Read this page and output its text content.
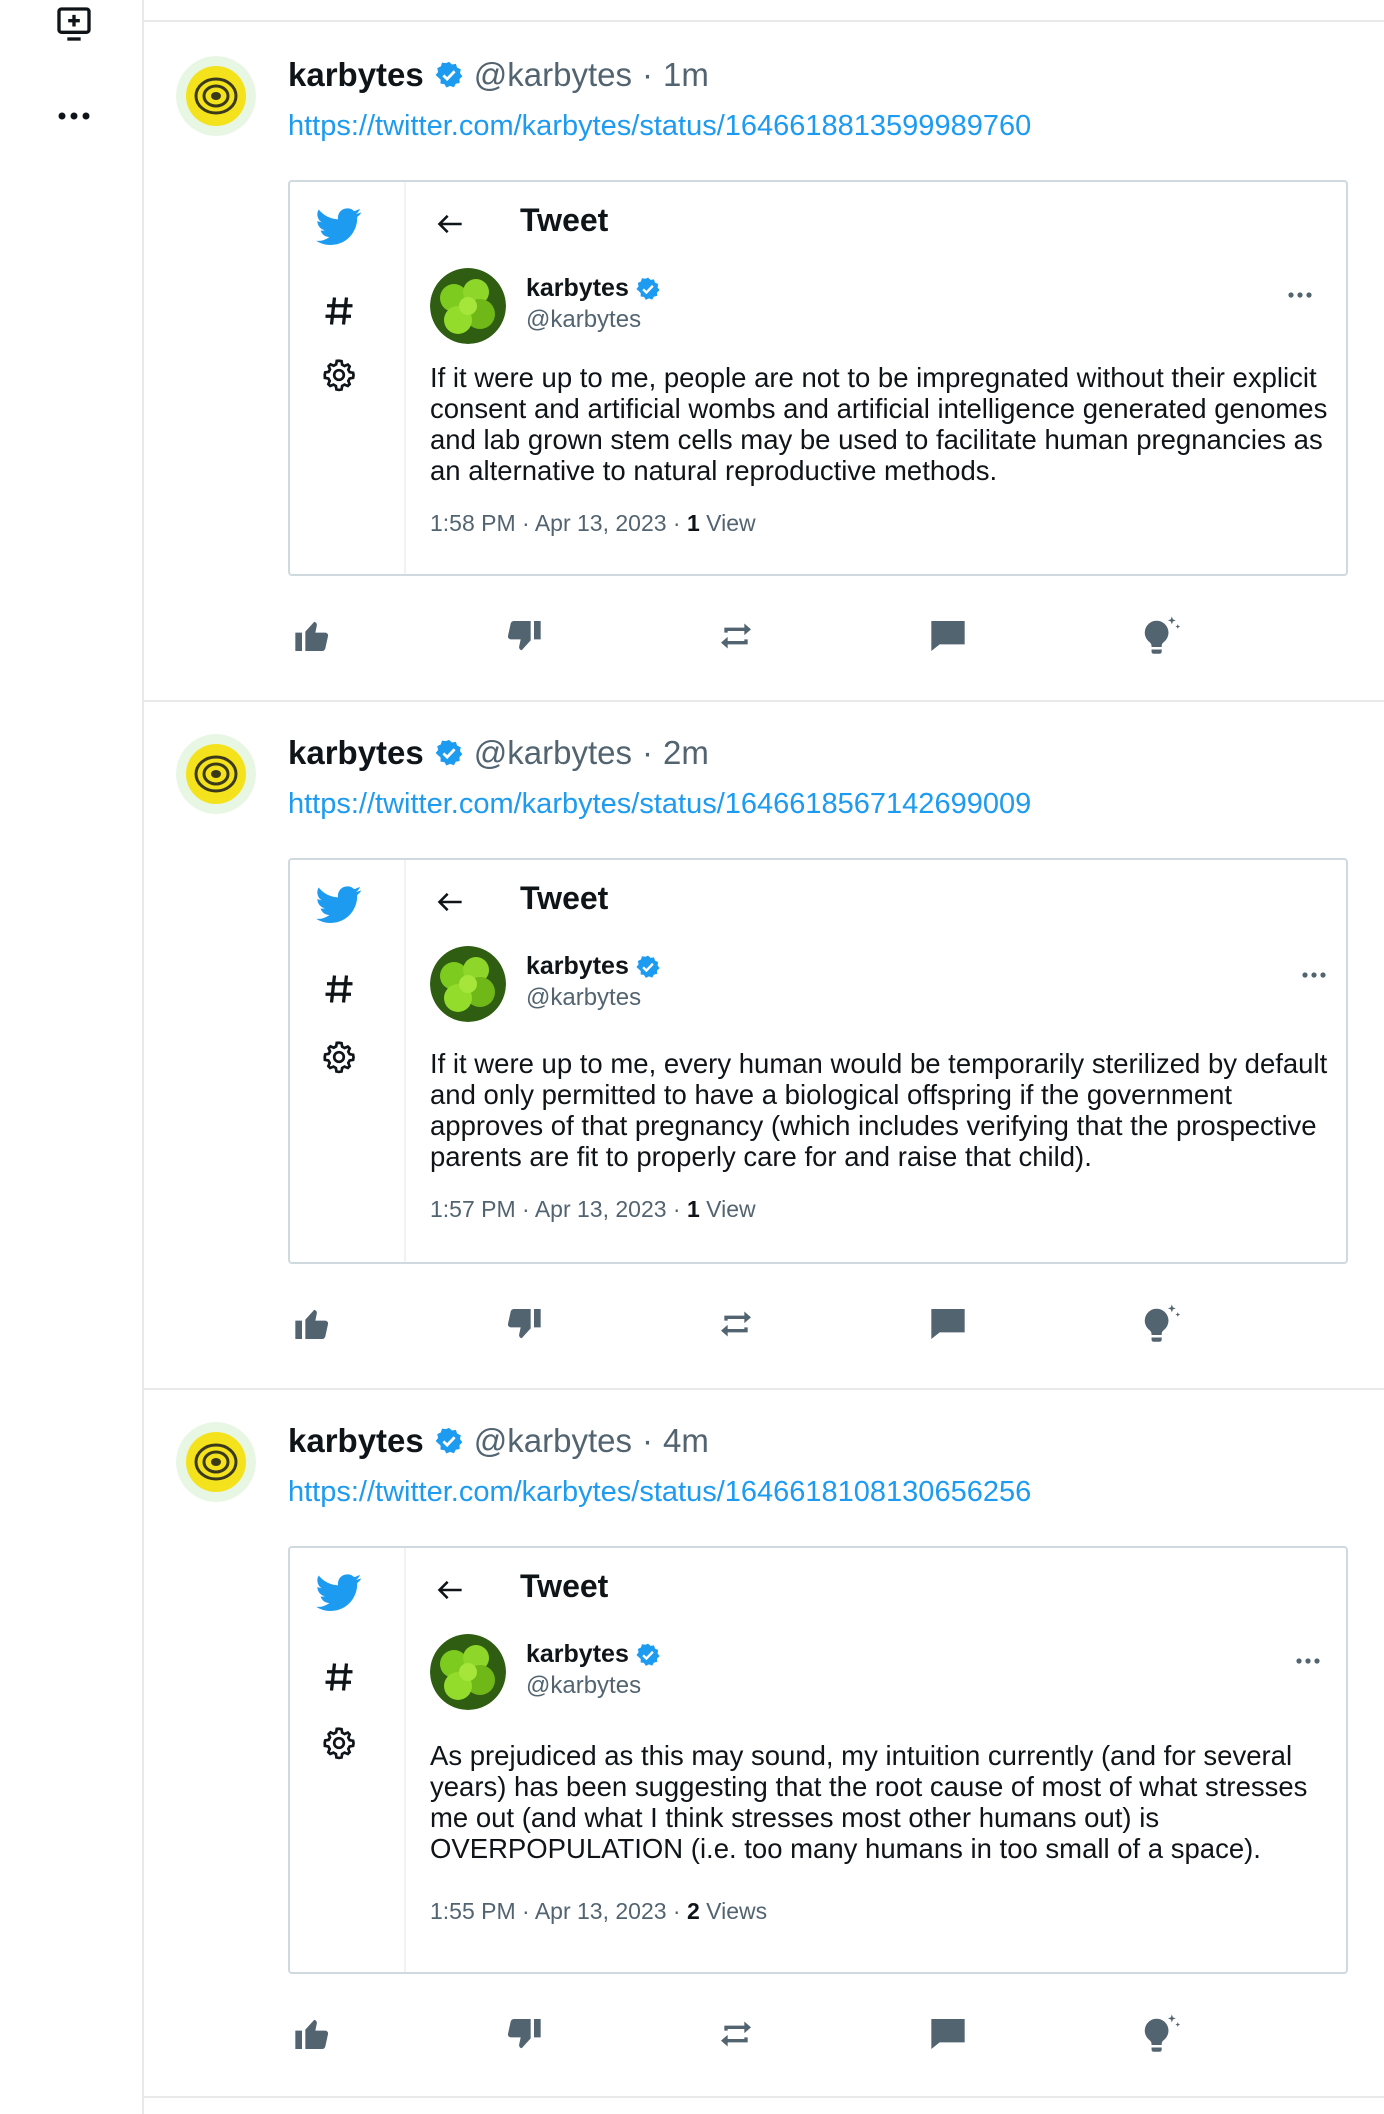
karbytes @karbytes · 1m
https://twitter.com/karbytes/status/1646618813599989760
Tweet
karbytes
@karbytes
If it were up to me, people are not to be impregnated without their explicit consent and artificial wombs and artificial intelligence generated genomes and lab grown stem cells may be used to facilitate human pregnancies as an alternative to natural reproductive methods.
1:58 PM · Apr 13, 2023 · 1 View
karbytes @karbytes · 2m
https://twitter.com/karbytes/status/1646618567142699009
Tweet
karbytes
@karbytes
If it were up to me, every human would be temporarily sterilized by default and only permitted to have a biological offspring if the government approves of that pregnancy (which includes verifying that the prospective parents are fit to properly care for and raise that child).
1:57 PM · Apr 13, 2023 · 1 View
karbytes @karbytes · 4m
https://twitter.com/karbytes/status/1646618108130656256
Tweet
karbytes
@karbytes
As prejudiced as this may sound, my intuition currently (and for several years) has been suggesting that the root cause of most of what stresses me out (and what I think stresses most other humans out) is OVERPOPULATION (i.e. too many humans in too small of a space).
1:55 PM · Apr 13, 2023 · 2 Views
